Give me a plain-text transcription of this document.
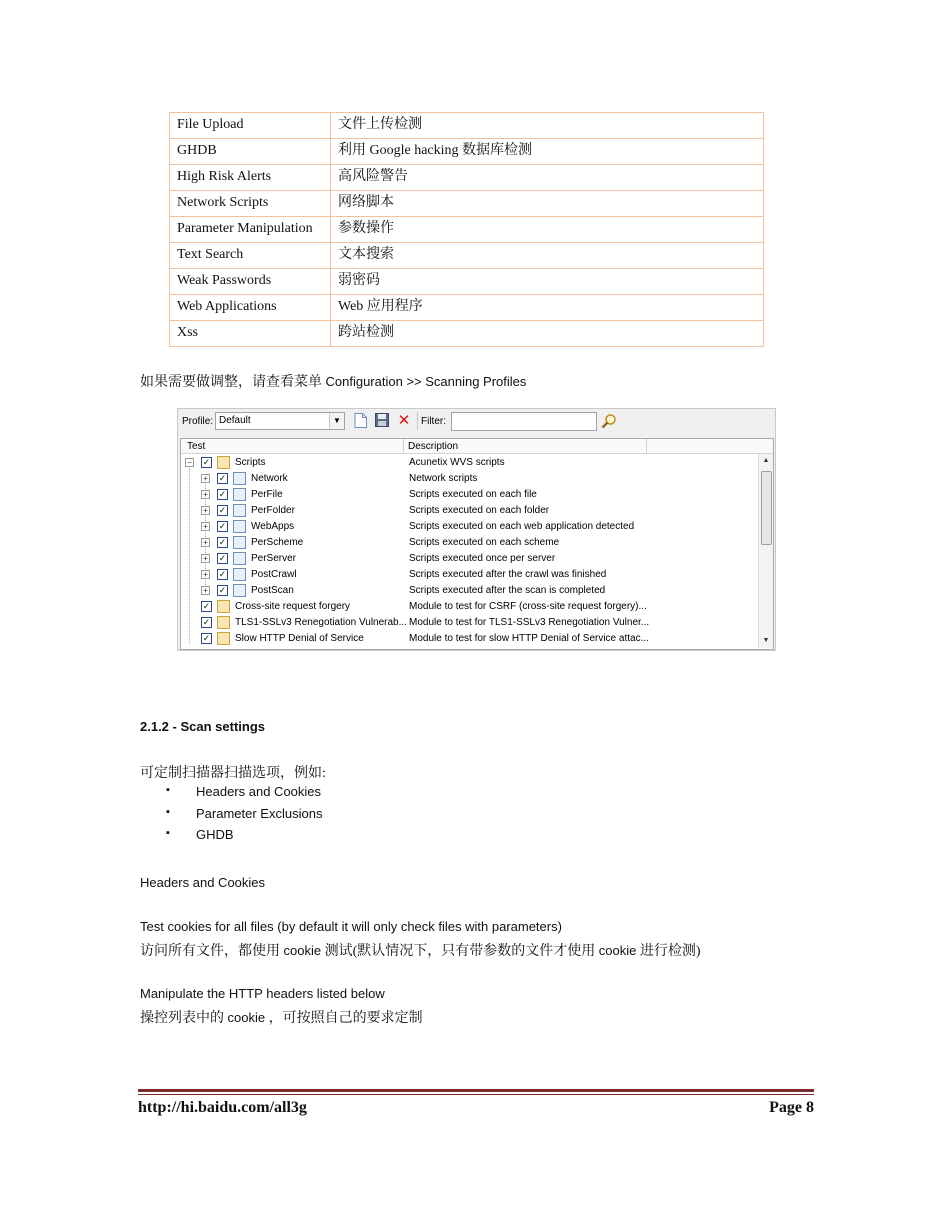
File Upload	文件上传检测
GHDB	利用 Google hacking 数据库检测
High Risk Alerts	高风险警告
Network Scripts	网络脚本
Parameter Manipulation	参数操作
Text Search	文本搜索
Weak Passwords	弱密码
Web Applications	Web 应用程序
Xss	跨站检测
如果需要做调整，请查看菜单 Configuration >> Scanning Profiles
Profile: Default	▼	✕ Filter:
Test	Description
− ✓ Scripts	Acunetix WVS scripts
+ ✓ Network	Network scripts
+ ✓ PerFile	Scripts executed on each file
+ ✓ PerFolder	Scripts executed on each folder
+ ✓ WebApps	Scripts executed on each web application detected
+ ✓ PerScheme	Scripts executed on each scheme
+ ✓ PerServer	Scripts executed once per server
+ ✓ PostCrawl	Scripts executed after the crawl was finished
+ ✓ PostScan	Scripts executed after the scan is completed
✓ Cross-site request forgery	Module to test for CSRF (cross-site request forgery)...
✓ TLS1-SSLv3 Renegotiation Vulnerab... Module to test for TLS1-SSLv3 Renegotiation Vulner...
✓ Slow HTTP Denial of Service	Module to test for slow HTTP Denial of Service attac...
▲
▼
2.1.2 - Scan settings
可定制扫描器扫描选项，例如:
▪ Headers and Cookies
▪ Parameter Exclusions
▪ GHDB
Headers and Cookies
Test cookies for all files (by default it will only check files with parameters)
访问所有文件，都使用 cookie 测试(默认情况下，只有带参数的文件才使用 cookie 进行检测)
Manipulate the HTTP headers listed below
操控列表中的 cookie ，可按照自己的要求定制
http://hi.baidu.com/all3g	Page 8
